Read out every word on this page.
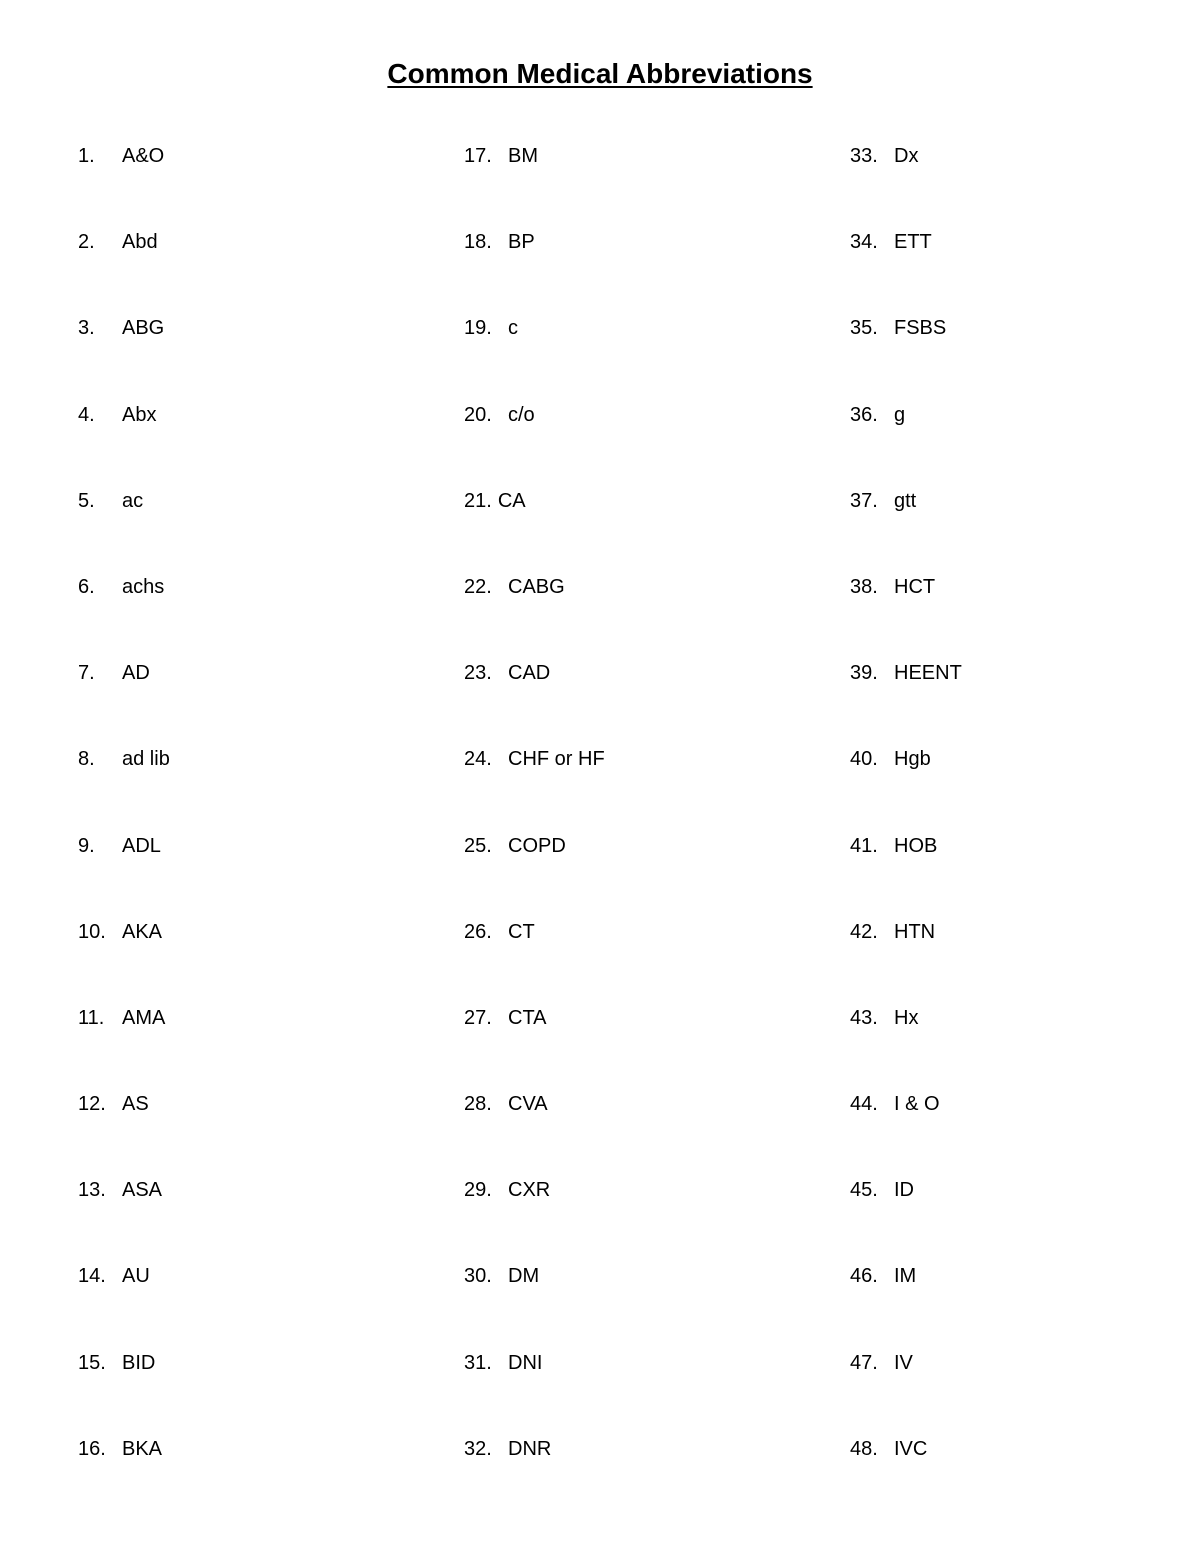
Common Medical Abbreviations
1.	A&O
2.	Abd
3.	ABG
4.	Abx
5.	ac
6.	achs
7.	AD
8.	ad lib
9.	ADL
10. AKA
11. AMA
12. AS
13. ASA
14. AU
15. BID
16. BKA
17. BM
18. BP
19. c
20. c/o
21. CA
22. CABG
23. CAD
24. CHF or HF
25. COPD
26. CT
27. CTA
28. CVA
29. CXR
30. DM
31. DNI
32. DNR
33. Dx
34. ETT
35. FSBS
36. g
37. gtt
38. HCT
39. HEENT
40. Hgb
41. HOB
42. HTN
43. Hx
44. I & O
45. ID
46. IM
47. IV
48. IVC
